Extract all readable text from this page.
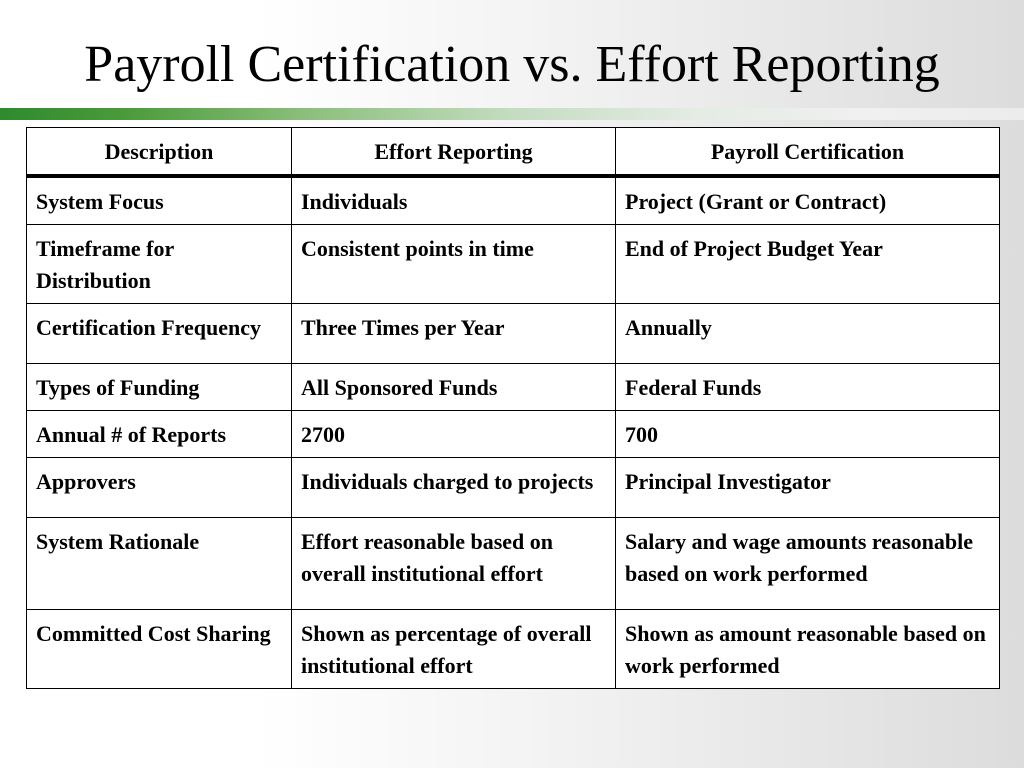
Payroll Certification vs. Effort Reporting
Description	Effort Reporting	Payroll Certification
System Focus	Individuals	Project (Grant or Contract)
Timeframe for Distribution	Consistent points in time	End of Project Budget Year
Certification Frequency	Three Times per Year	Annually
Types of Funding	All Sponsored Funds	Federal Funds
Annual # of Reports	2700	700
Approvers	Individuals charged to projects	Principal Investigator
System Rationale	Effort reasonable based on overall institutional effort	Salary and wage amounts reasonable based on work performed
Committed Cost Sharing	Shown as percentage of overall institutional effort	Shown as amount reasonable based on work performed
